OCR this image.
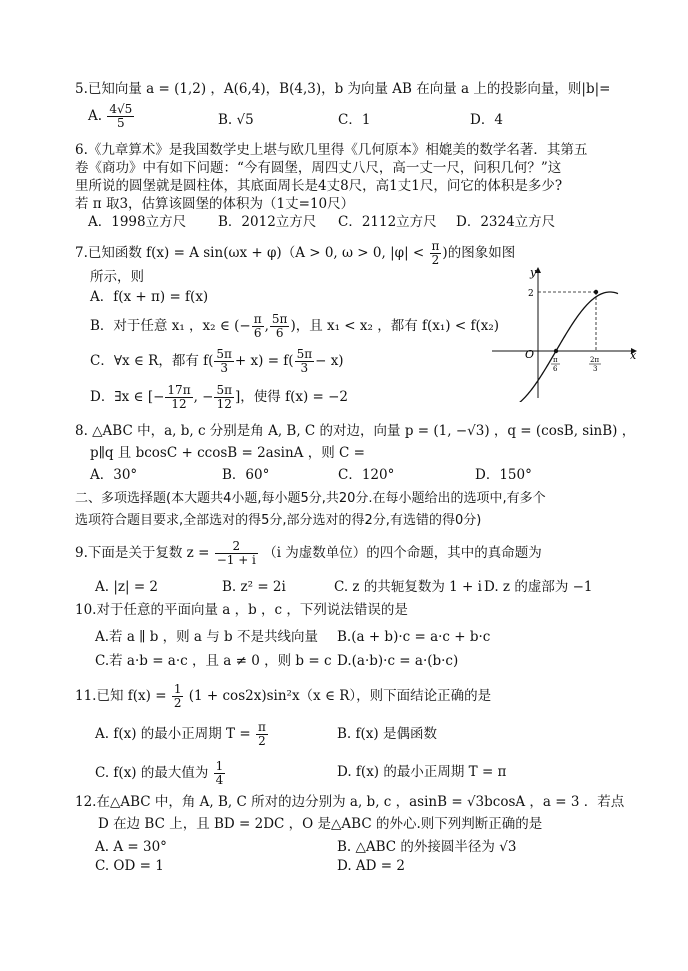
5.已知向量 a = (1,2) ，A(6,4)，B(4,3)，b 为向量 AB 在向量 a 上的投影向量，则|b|=
A. $\frac{4√5}{5}$	B. √5	C．1	D．4
6.《九章算术》是我国数学史上堪与欧几里得《几何原本》相媲美的数学名著．其第五
卷《商功》中有如下问题：“今有圆堡，周四丈八尺，高一丈一尺，问积几何？”这
里所说的圆堡就是圆柱体，其底面周长是4丈8尺，高1丈1尺，问它的体积是多少?
若 π 取3，估算该圆堡的体积为（1丈=10尺）
A．1998立方尺 B．2012立方尺 C．2112立方尺 D．2324立方尺
7.已知函数 f(x) = A sin(ωx + φ)（A > 0, ω > 0, $|\varphi| < \frac{\pi}{2}$ )的图象如图
所示，则
A．f(x + π) = f(x)
B．对于任意 x₁ ，x₂ ∈ (− $\frac{\pi}{6}$ , $\frac{5\pi}{6}$ )，且 x₁ < x₂ ，都有 f(x₁) < f(x₂)
C．∀x ∈ R，都有 $f( \frac{5\pi}{3} + x) = f( \frac{5\pi}{3} - x)$
D．∃x ∈ [− $\frac{17\pi}{12}$ , − $\frac{5\pi}{12}$ ]，使得 f(x) = −2
y
x
O
2
π
6
2π
3
8. △ABC 中，a, b, c 分别是角 A, B, C 的对边，向量 p = (1, −√3) ，q = (cosB, sinB) ，
p∥q 且 bcosC + ccosB = 2asinA ，则 C =
A．30°	B．60°	C．120°	D．150°
二、多项选择题(本大题共4小题,每小题5分,共20分.在每小题给出的选项中,有多个
选项符合题目要求,全部选对的得5分,部分选对的得2分,有选错的得0分)
9.下面是关于复数 $z = \frac{2}{-1 + i} (i$ 为虚数单位）的四个命题，其中的真命题为
A. |z| = 2	B. z² = 2i	C. z 的共轭复数为 1 + i D. z 的虚部为 −1
10.对于任意的平面向量 a ，b ，c ，下列说法错误的是
A.若 a ∥ b ，则 a 与 b 不是共线向量 B.(a + b)·c = a·c + b·c
C.若 a·b = a·c ，且 a ≠ 0 ，则 b = c D.(a·b)·c = a·(b·c)
11.已知 $f(x) = \frac{1}{2} (1 + \cos 2x)\sin^2x(x$ ∈ R），则下面结论正确的是
A. f(x) 的最小正周期 $T = \frac{\pi}{2}$	B. f(x) 是偶函数
C. f(x) 的最大值为 $\frac{1}{4}$	D. f(x) 的最小正周期 T = π
12.在△ABC 中，角 A, B, C 所对的边分别为 a, b, c ，asinB = √3bcosA ，a = 3 ．若点
D 在边 BC 上，且 BD = 2DC ，O 是△ABC 的外心.则下列判断正确的是
A. A = 30°	B. △ABC 的外接圆半径为 √3
C. OD = 1	D. AD = 2
